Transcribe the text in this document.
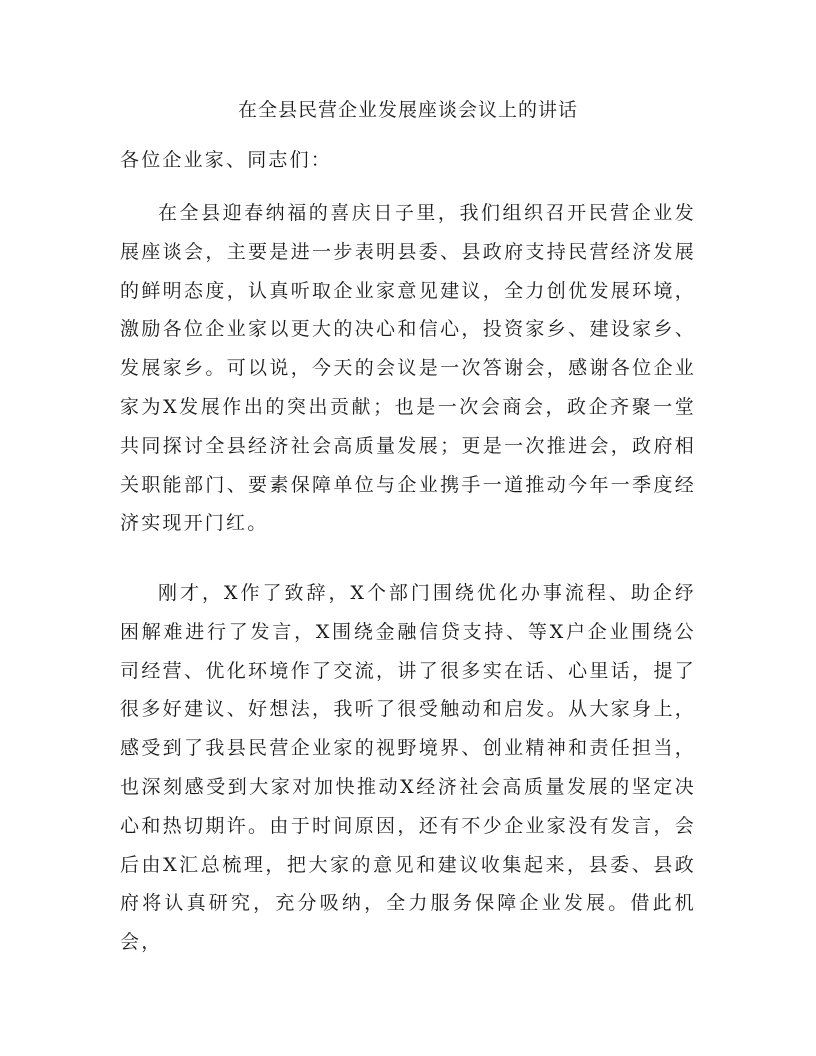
在全县民营企业发展座谈会议上的讲话
各位企业家、同志们：

在全县迎春纳福的喜庆日子里，我们组织召开民营企业发展座谈会，主要是进一步表明县委、县政府支持民营经济发展的鲜明态度，认真听取企业家意见建议，全力创优发展环境，激励各位企业家以更大的决心和信心，投资家乡、建设家乡、发展家乡。可以说，今天的会议是一次答谢会，感谢各位企业家为X发展作出的突出贡献；也是一次会商会，政企齐聚一堂共同探讨全县经济社会高质量发展；更是一次推进会，政府相关职能部门、要素保障单位与企业携手一道推动今年一季度经济实现开门红。

刚才，X作了致辞，X个部门围绕优化办事流程、助企纾困解难进行了发言，X围绕金融信贷支持、等X户企业围绕公司经营、优化环境作了交流，讲了很多实在话、心里话，提了很多好建议、好想法，我听了很受触动和启发。从大家身上，感受到了我县民营企业家的视野境界、创业精神和责任担当，也深刻感受到大家对加快推动X经济社会高质量发展的坚定决心和热切期许。由于时间原因，还有不少企业家没有发言，会后由X汇总梳理，把大家的意见和建议收集起来，县委、县政府将认真研究，充分吸纳，全力服务保障企业发展。借此机会，
